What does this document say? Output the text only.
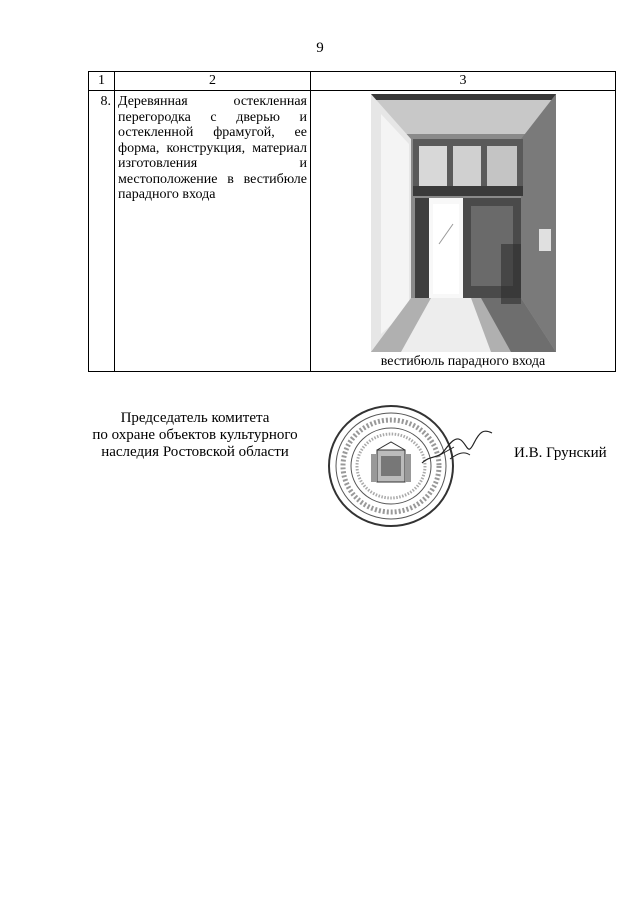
9
1	2	3
8.	Деревянная остекленная перегородка с дверью и остекленной фрамугой, ее форма, конструкция, материал изготовления и местоположение в вестибюле парадного входа	вестибюль парадного входа
Председатель комитета
по охране объектов культурного
наследия Ростовской области	И.В. Грунский
